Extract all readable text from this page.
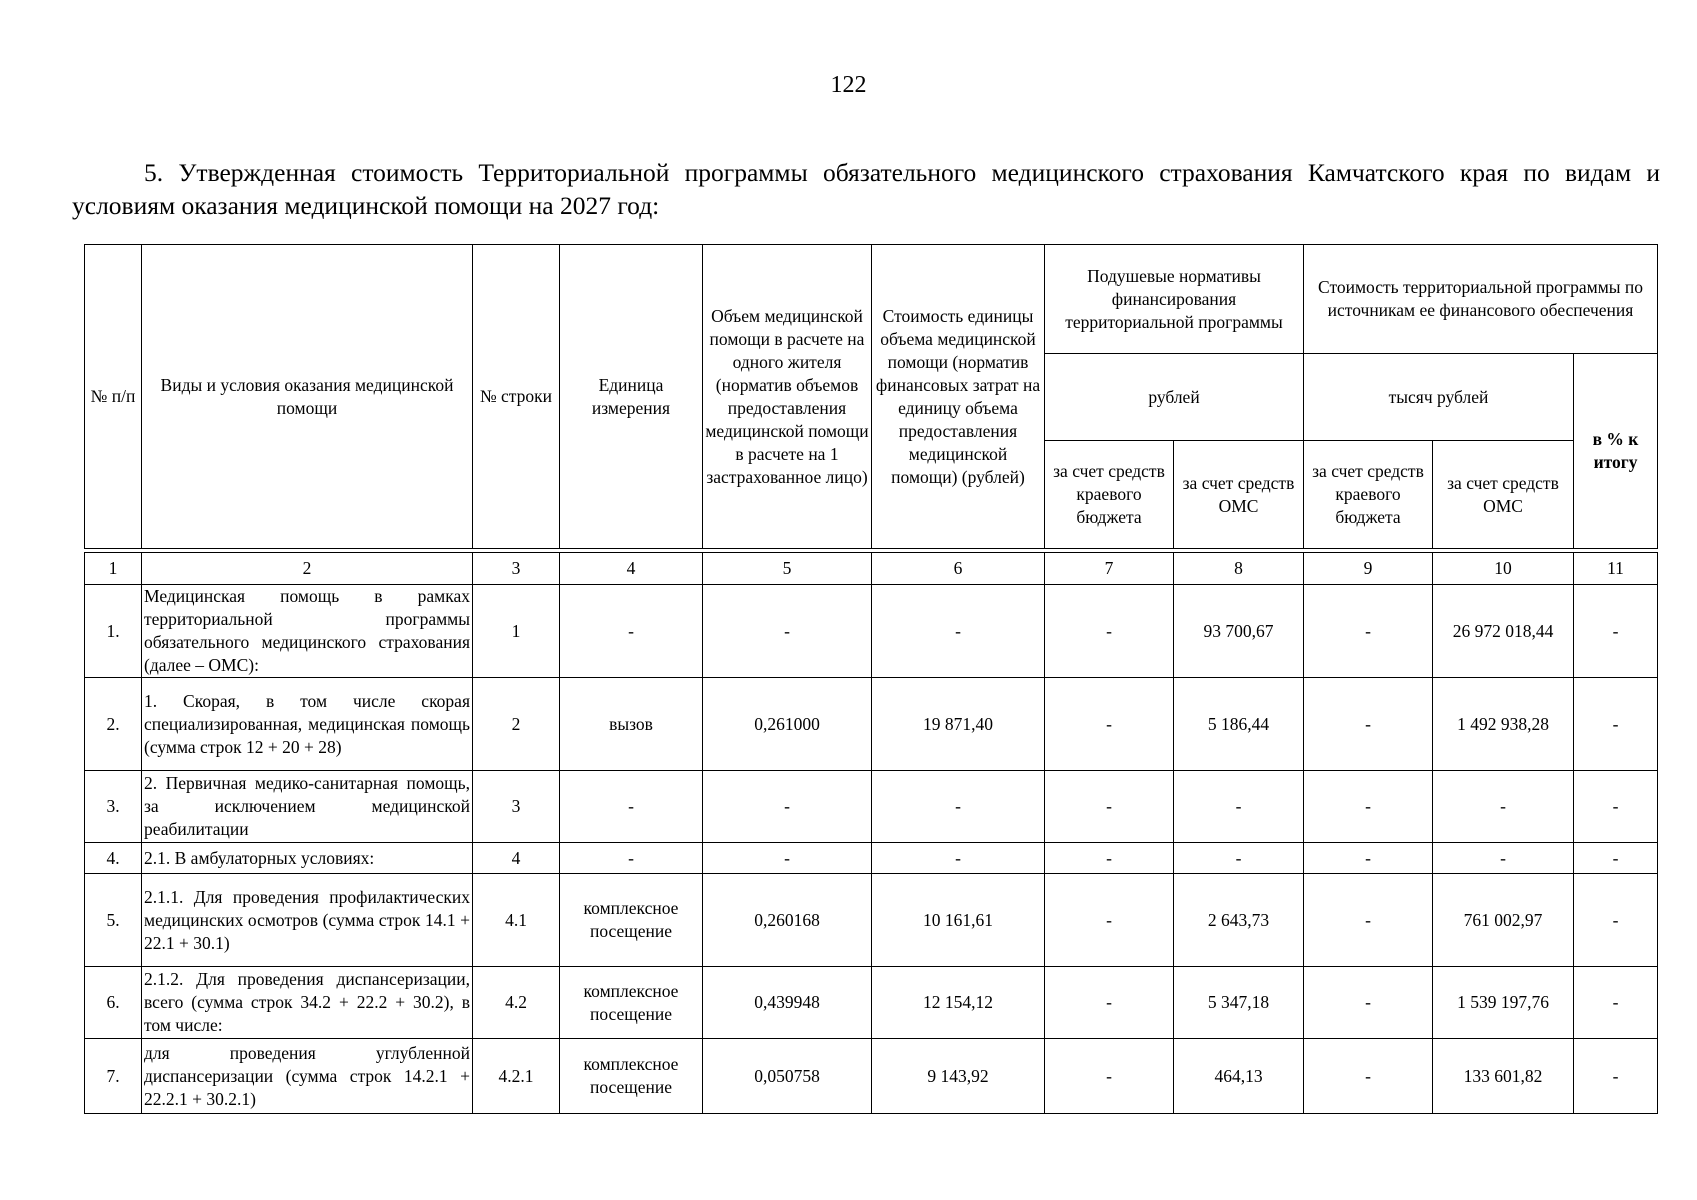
122

5. Утвержденная стоимость Территориальной программы обязательного медицинского страхования Камчатского края по видам и условиям оказания медицинской помощи на 2027 год:

№ п/п	Виды и условия оказания медицинской помощи	№ строки	Единица измерения	Объем медицинской помощи в расчете на одного жителя (норматив объемов предоставления медицинской помощи в расчете на 1 застрахованное лицо)	Стоимость единицы объема медицинской помощи (норматив финансовых затрат на единицу объема предоставления медицинской помощи) (рублей)	Подушевые нормативы финансирования территориальной программы		Стоимость территориальной программы по источникам ее финансового обеспечения		
						рублей		тысяч рублей		в % к итогу
						за счет средств краевого бюджета	за счет средств ОМС	за счет средств краевого бюджета	за счет средств ОМС	

1	2	3	4	5	6	7	8	9	10	11
1.	Медицинская помощь в рамках территориальной программы обязательного медицинского страхования (далее – ОМС):	1	-	-	-	-	93 700,67	-	26 972 018,44	-
2.	1. Скорая, в том числе скорая специализированная, медицинская помощь (сумма строк 12 + 20 + 28)	2	вызов	0,261000	19 871,40	-	5 186,44	-	1 492 938,28	-
3.	2. Первичная медико-санитарная помощь, за исключением медицинской реабилитации	3	-	-	-	-	-	-	-	-
4.	2.1. В амбулаторных условиях:	4	-	-	-	-	-	-	-	-
5.	2.1.1. Для проведения профилактических медицинских осмотров (сумма строк 14.1 + 22.1 + 30.1)	4.1	комплексное посещение	0,260168	10 161,61	-	2 643,73	-	761 002,97	-
6.	2.1.2. Для проведения диспансеризации, всего (сумма строк 34.2 + 22.2 + 30.2), в том числе:	4.2	комплексное посещение	0,439948	12 154,12	-	5 347,18	-	1 539 197,76	-
7.	для проведения углубленной диспансеризации (сумма строк 14.2.1 + 22.2.1 + 30.2.1)	4.2.1	комплексное посещение	0,050758	9 143,92	-	464,13	-	133 601,82	-
